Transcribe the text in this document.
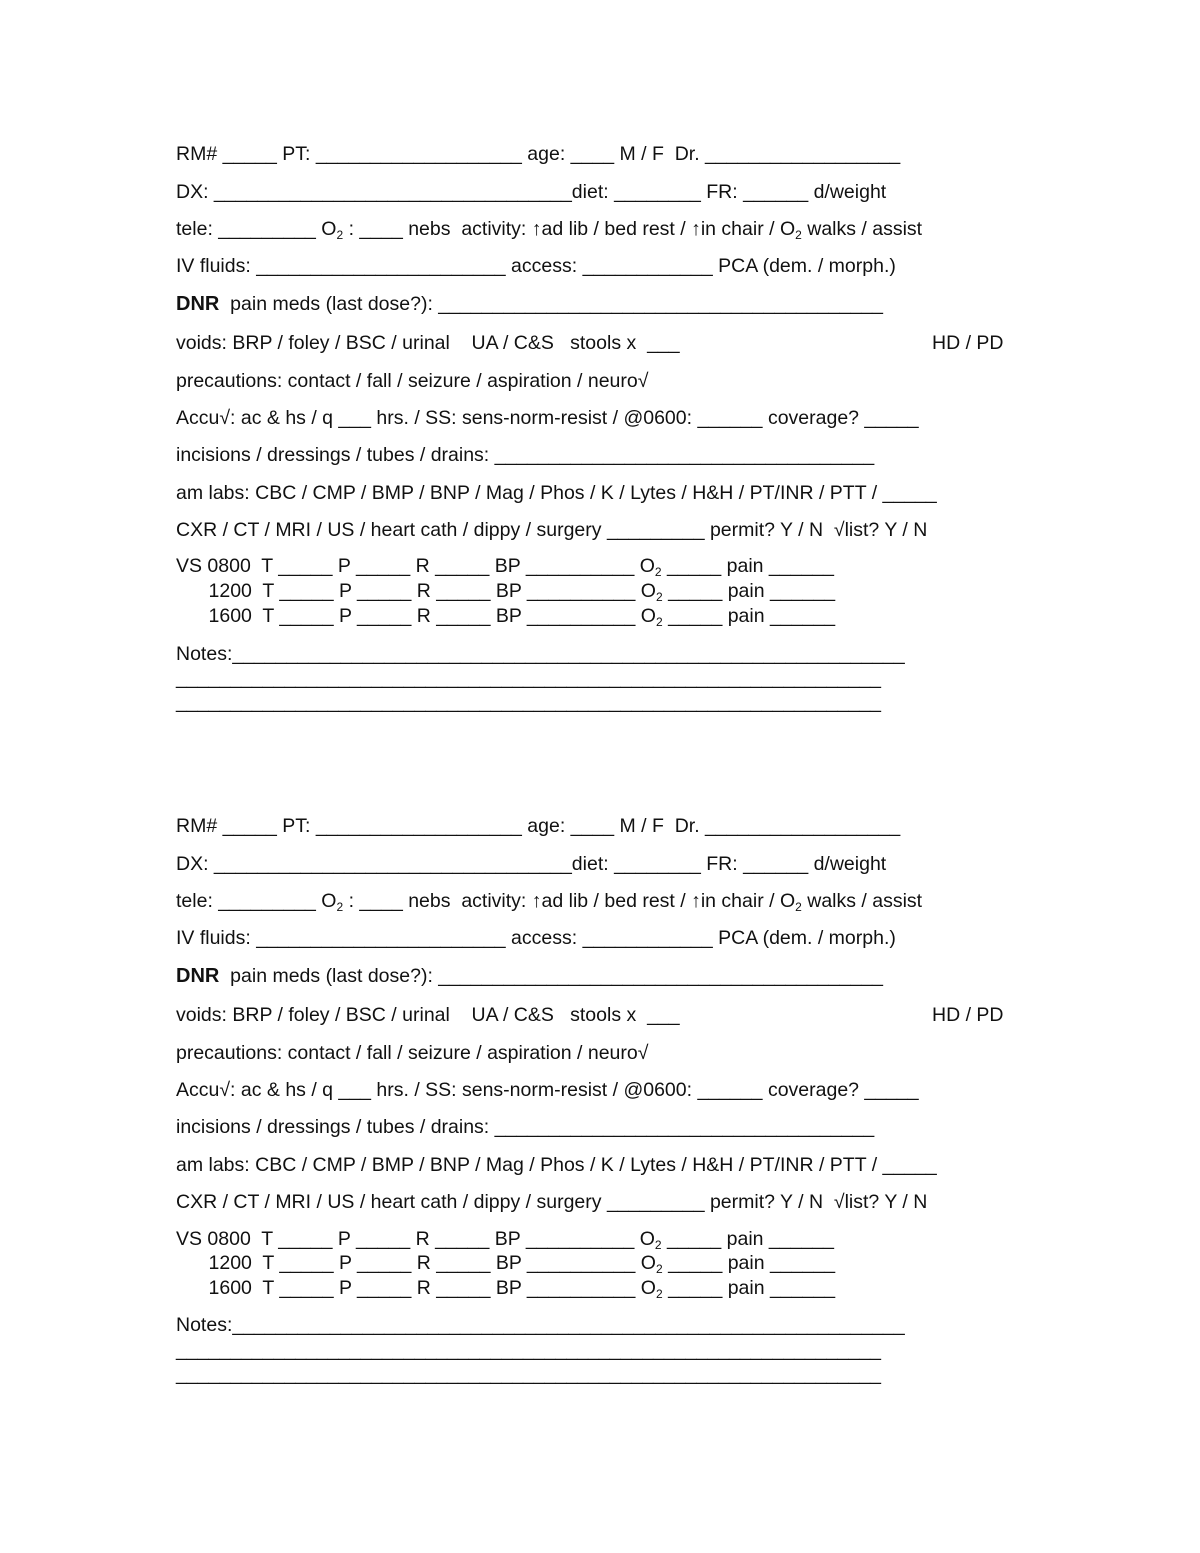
RM# _____ PT: ___________________ age: ____ M / F  Dr. __________________
DX: _________________________________diet: ________ FR: ______ d/weight
tele: _________ $O_2$ : ____ nebs  activity: ↑ad lib / bed rest / ↑in chair / $O_2$ walks / assist
IV fluids: _______________________ access: ____________ PCA (dem. / morph.)
DNR  pain meds (last dose?): _________________________________________
voids: BRP / foley / BSC / urinal    UA / C&S   stools x  ___	HD / PD
precautions: contact / fall / seizure / aspiration / neuro√
Accu√: ac & hs / q ___ hrs. / SS: sens-norm-resist / @0600: ______ coverage? _____
incisions / dressings / tubes / drains: ___________________________________
am labs: CBC / CMP / BMP / BNP / Mag / Phos / K / Lytes / H&H / PT/INR / PTT / _____
CXR / CT / MRI / US / heart cath / dippy / surgery _________ permit? Y / N  √list? Y / N
VS 0800  T _____ P _____ R _____ BP __________ $O_2$ _____ pain ______
1200  T _____ P _____ R _____ BP __________ $O_2$ _____ pain ______
1600  T _____ P _____ R _____ BP __________ $O_2$ _____ pain ______
Notes:______________________________________________________________
_________________________________________________________________
_________________________________________________________________
RM# _____ PT: ___________________ age: ____ M / F  Dr. __________________
DX: _________________________________diet: ________ FR: ______ d/weight
tele: _________ $O_2$ : ____ nebs  activity: ↑ad lib / bed rest / ↑in chair / $O_2$ walks / assist
IV fluids: _______________________ access: ____________ PCA (dem. / morph.)
DNR  pain meds (last dose?): _________________________________________
voids: BRP / foley / BSC / urinal    UA / C&S   stools x  ___	HD / PD
precautions: contact / fall / seizure / aspiration / neuro√
Accu√: ac & hs / q ___ hrs. / SS: sens-norm-resist / @0600: ______ coverage? _____
incisions / dressings / tubes / drains: ___________________________________
am labs: CBC / CMP / BMP / BNP / Mag / Phos / K / Lytes / H&H / PT/INR / PTT / _____
CXR / CT / MRI / US / heart cath / dippy / surgery _________ permit? Y / N  √list? Y / N
VS 0800  T _____ P _____ R _____ BP __________ $O_2$ _____ pain ______
1200  T _____ P _____ R _____ BP __________ $O_2$ _____ pain ______
1600  T _____ P _____ R _____ BP __________ $O_2$ _____ pain ______
Notes:______________________________________________________________
_________________________________________________________________
_________________________________________________________________
